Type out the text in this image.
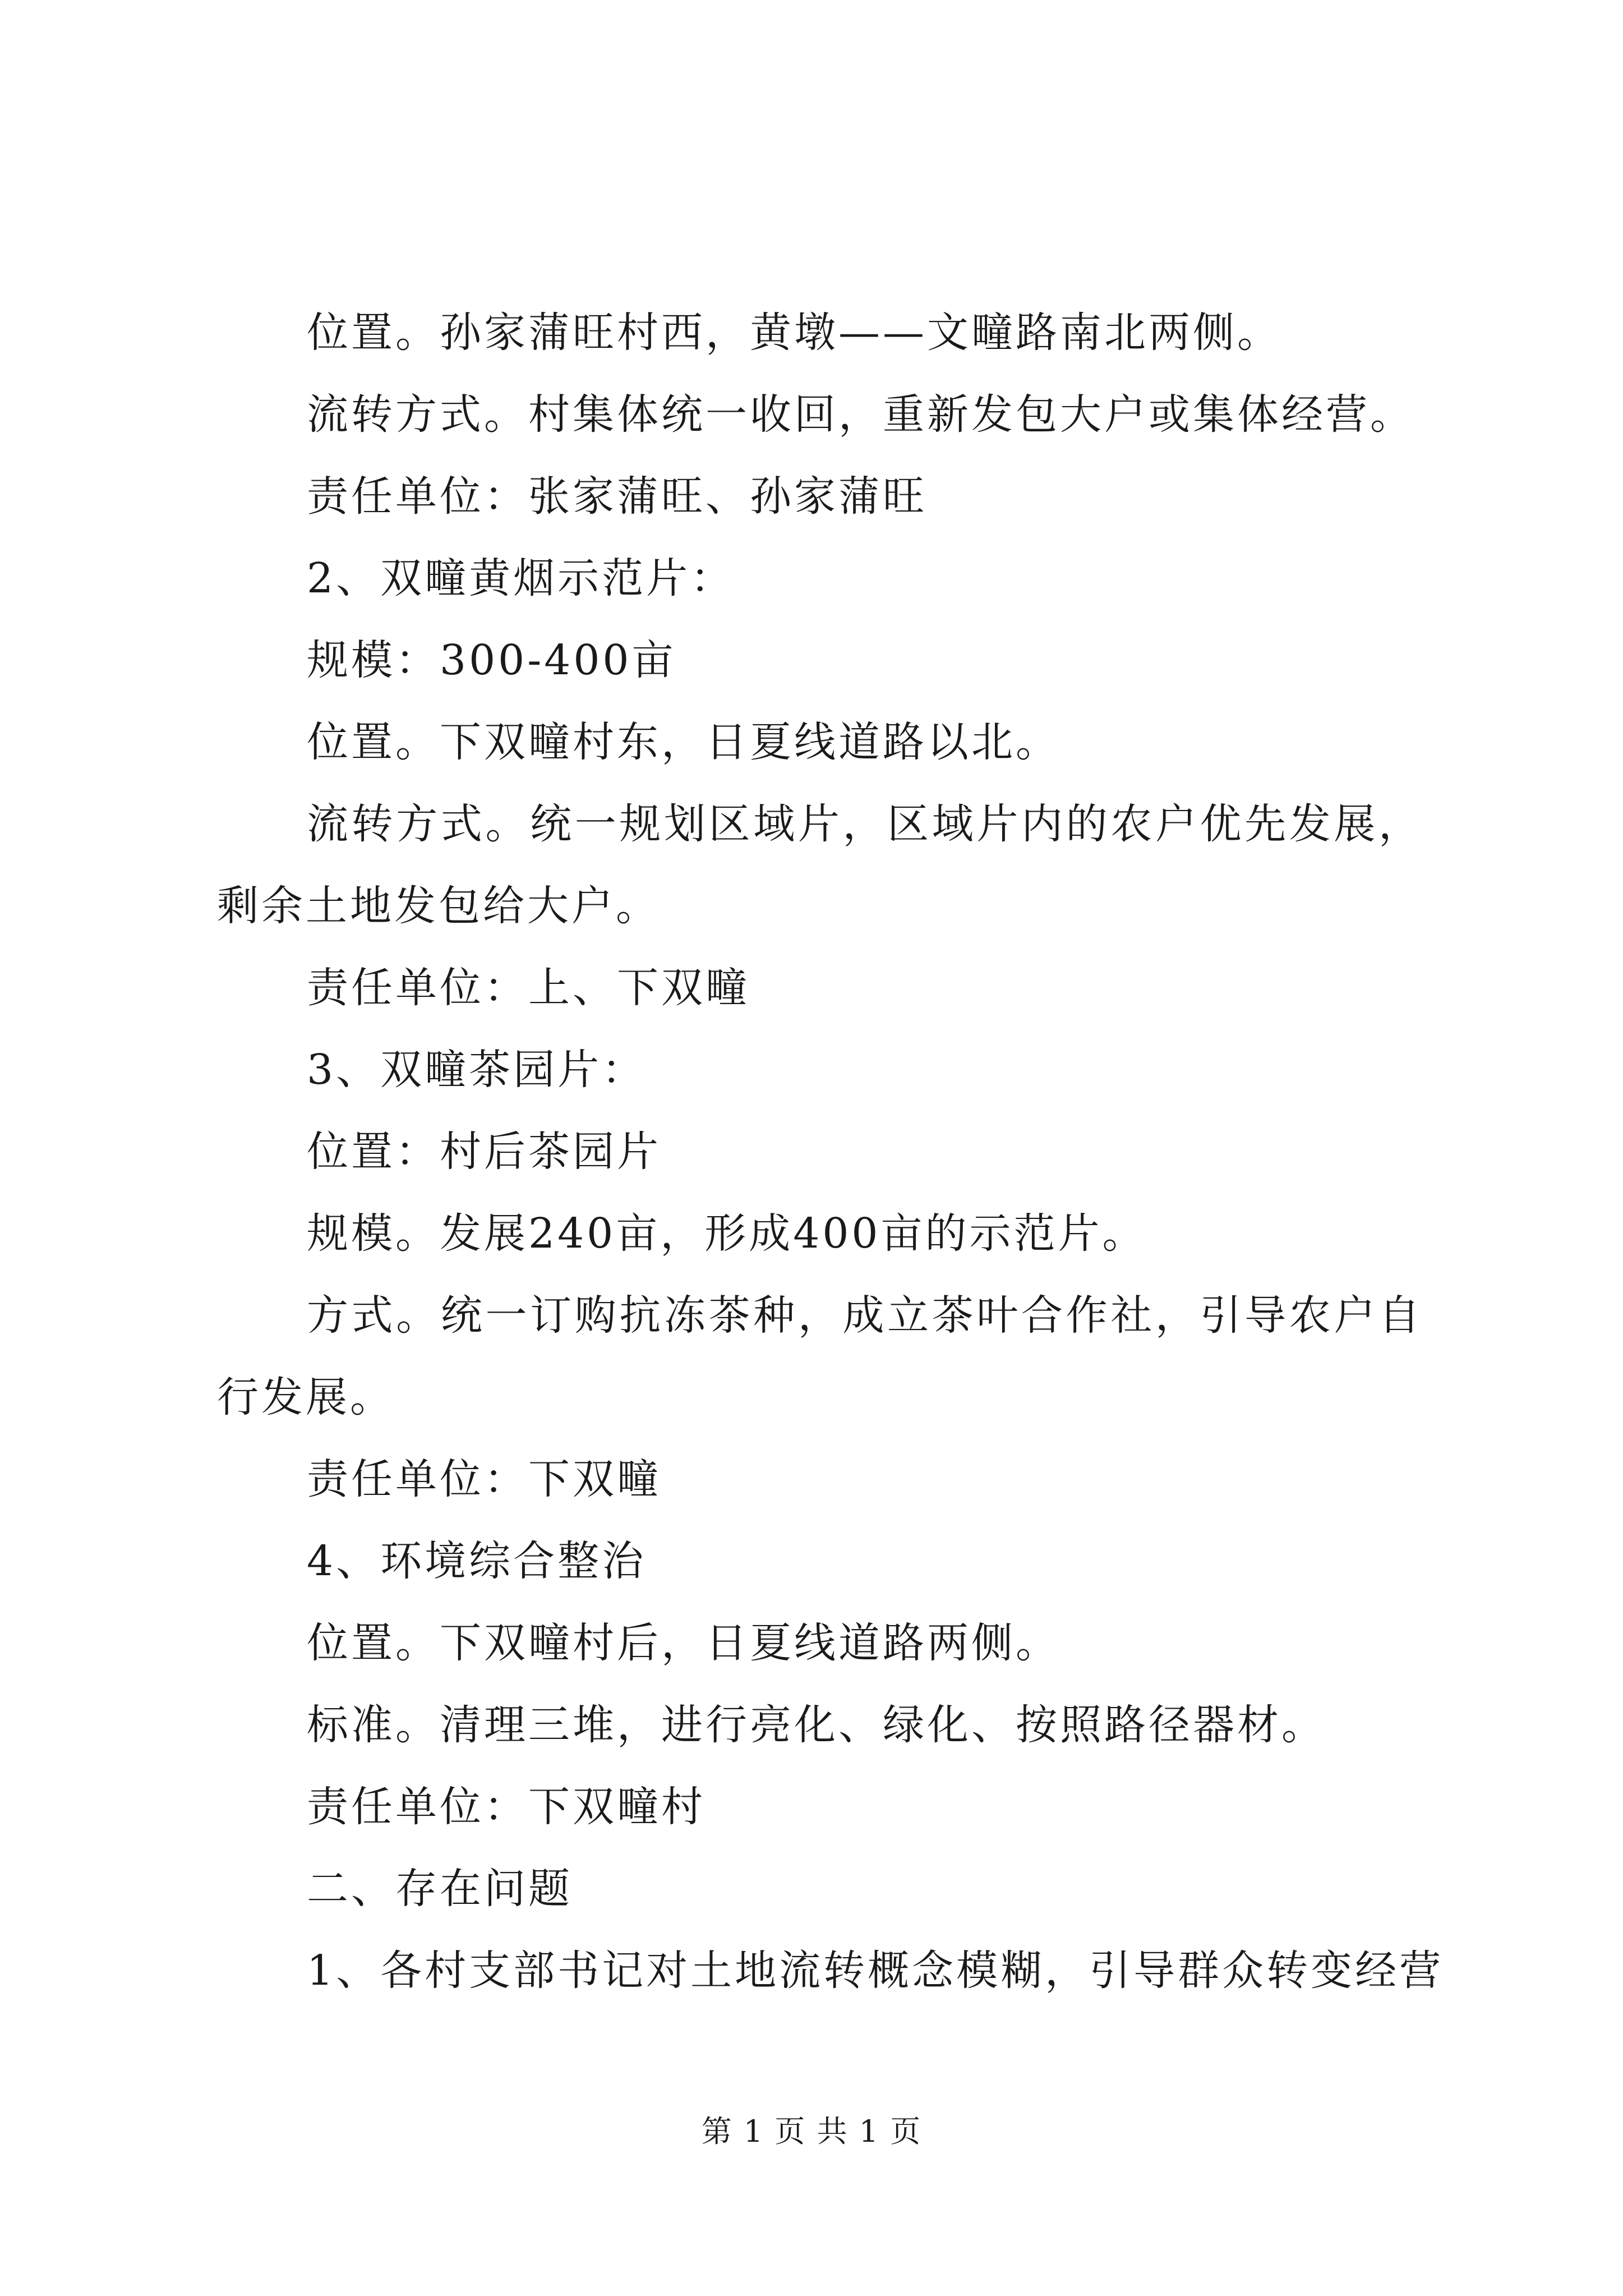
位置。孙家蒲旺村西，黄墩——文疃路南北两侧。
流转方式。村集体统一收回，重新发包大户或集体经营。
责任单位：张家蒲旺、孙家蒲旺
2、双疃黄烟示范片：
规模：300-400亩
位置。下双疃村东，日夏线道路以北。
流转方式。统一规划区域片，区域片内的农户优先发展，剩余土地发包给大户。
责任单位：上、下双疃
3、双疃茶园片：
位置：村后茶园片
规模。发展240亩，形成400亩的示范片。
方式。统一订购抗冻茶种，成立茶叶合作社，引导农户自行发展。
责任单位：下双疃
4、环境综合整治
位置。下双疃村后，日夏线道路两侧。
标准。清理三堆，进行亮化、绿化、按照路径器材。
责任单位：下双疃村
二、存在问题
1、各村支部书记对土地流转概念模糊，引导群众转变经营
第 1 页 共 1 页
